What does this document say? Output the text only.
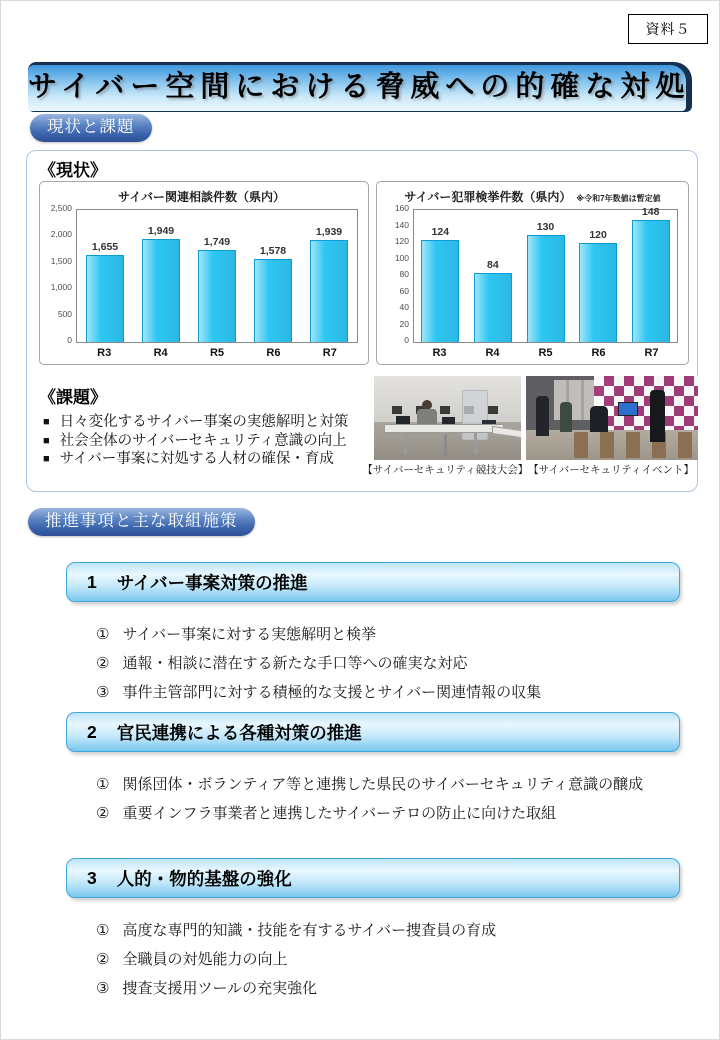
資料５
サイバー空間における脅威への的確な対処
現状と課題
《現状》
サイバー関連相談件数（県内）
0
500
1,000
1,500
2,000
2,500
1,655
1,949
1,749
1,578
1,939
R3	R4	R5	R6	R7
サイバー犯罪検挙件数（県内） ※令和7年数値は暫定値
0
20
40
60
80
100
120
140
160
124
84
130
120
148
R3	R4	R5	R6	R7
《課題》
■ 日々変化するサイバー事案の実態解明と対策
■ 社会全体のサイバーセキュリティ意識の向上
■ サイバー事案に対処する人材の確保・育成
【サイバーセキュリティ競技大会】 【サイバーセキュリティイベント】
推進事項と主な取組施策
1 サイバー事案対策の推進
① サイバー事案に対する実態解明と検挙
② 通報・相談に潜在する新たな手口等への確実な対応
③ 事件主管部門に対する積極的な支援とサイバー関連情報の収集
2 官民連携による各種対策の推進
① 関係団体・ボランティア等と連携した県民のサイバーセキュリティ意識の醸成
② 重要インフラ事業者と連携したサイバーテロの防止に向けた取組
3 人的・物的基盤の強化
① 高度な専門的知識・技能を有するサイバー捜査員の育成
② 全職員の対処能力の向上
③ 捜査支援用ツールの充実強化
